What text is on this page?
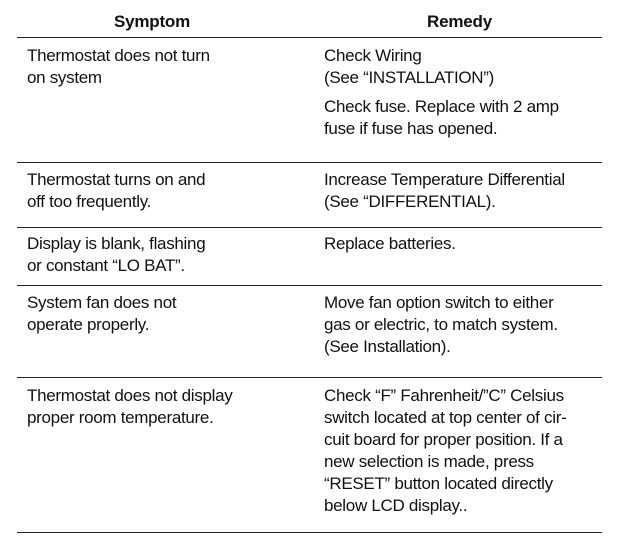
Symptom	Remedy
Thermostat does not turn
on system
Check Wiring
(See “INSTALLATION”)
Check fuse. Replace with 2 amp
fuse if fuse has opened.
Thermostat turns on and
off too frequently.
Increase Temperature Differential
(See “DIFFERENTIAL).
Display is blank, flashing
or constant “LO BAT”.
Replace batteries.
System fan does not
operate properly.
Move fan option switch to either
gas or electric, to match system.
(See Installation).
Thermostat does not display
proper room temperature.
Check “F” Fahrenheit/”C” Celsius
switch located at top center of cir-
cuit board for proper position. If a
new selection is made, press
“RESET” button located directly
below LCD display..
